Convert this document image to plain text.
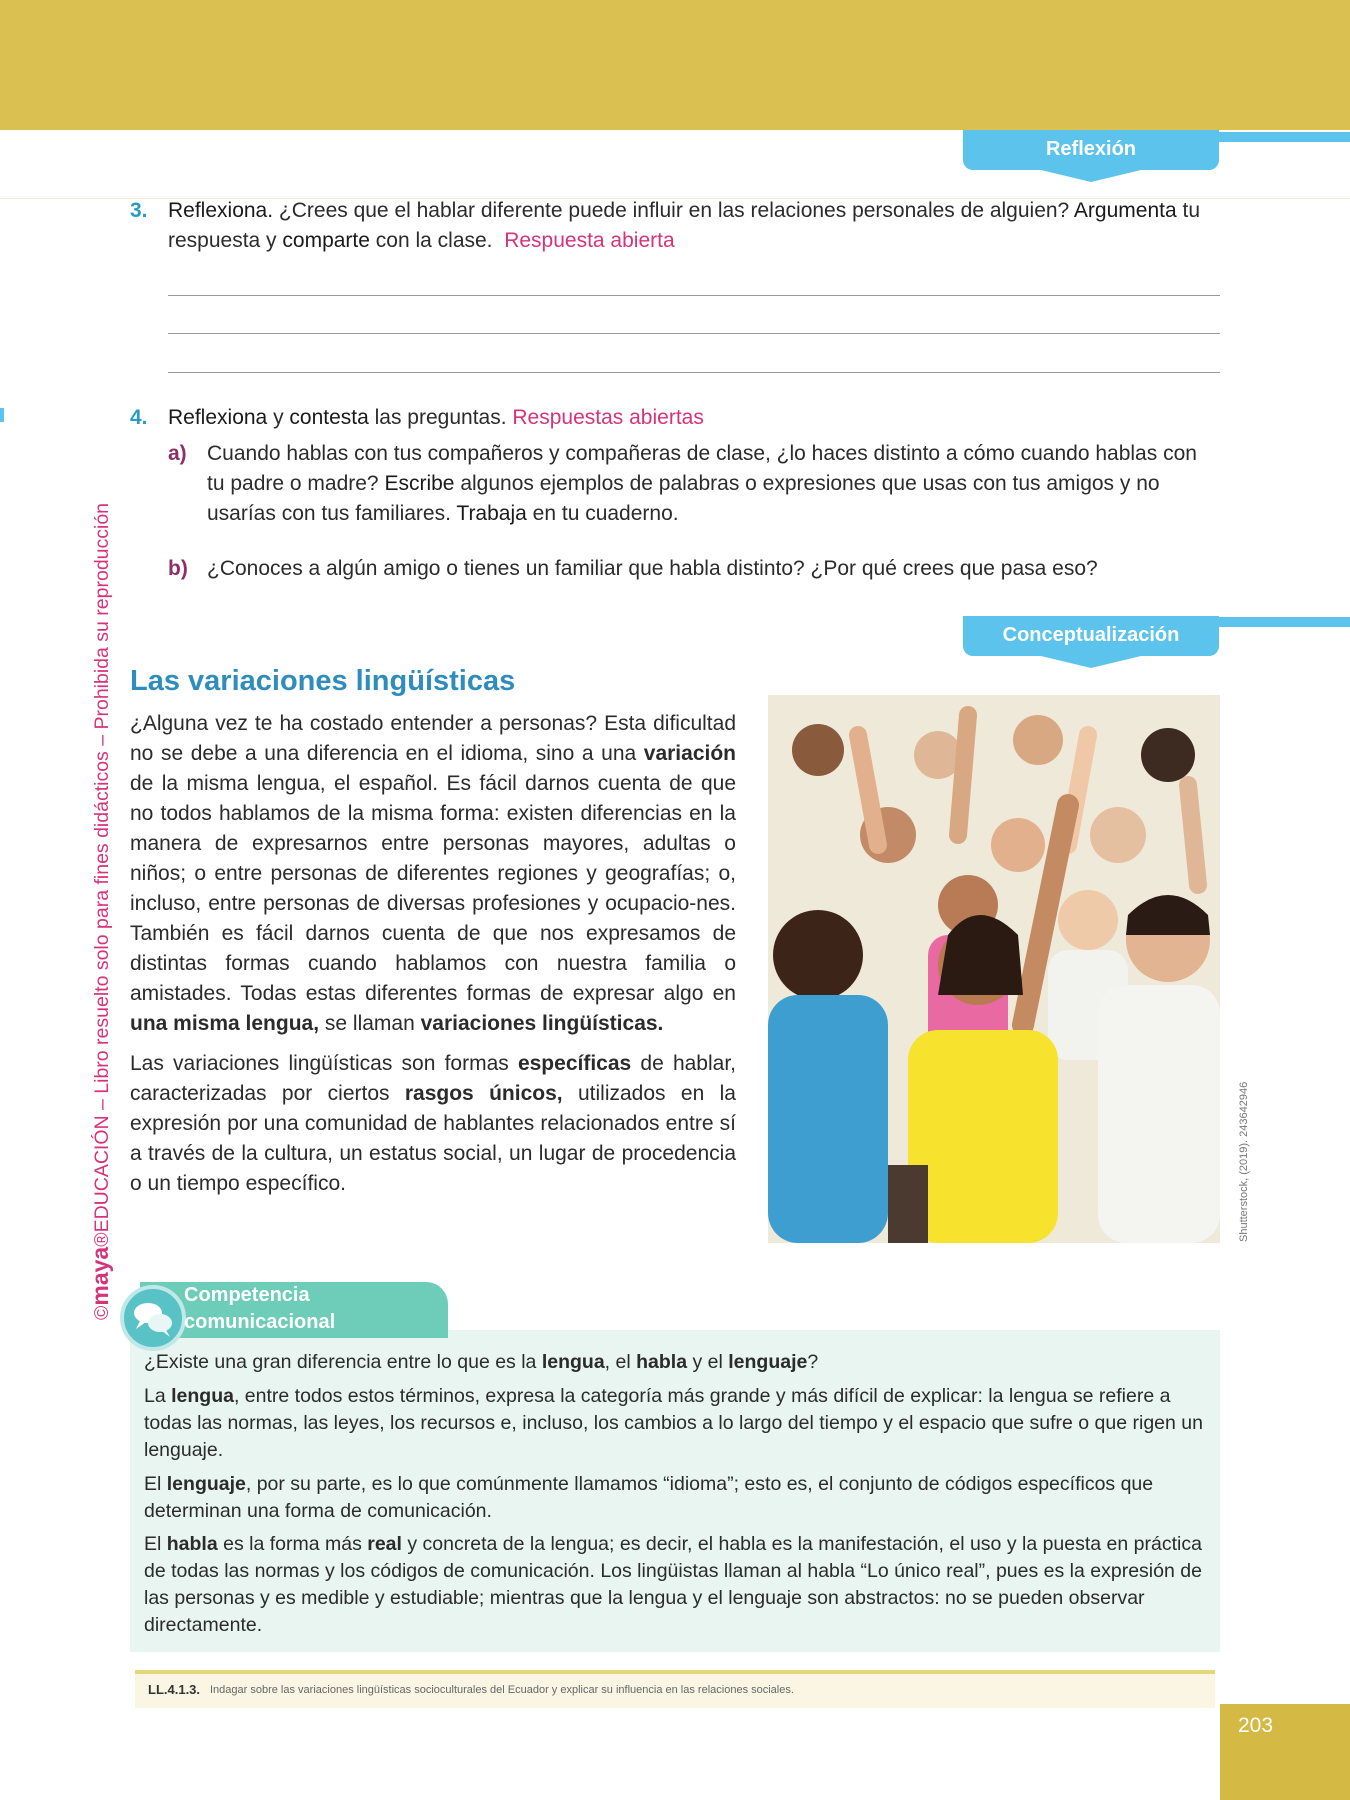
Reflexión
©maya®EDUCACIÓN – Libro resuelto solo para fines didácticos – Prohibida su reproducción
3. Reflexiona. ¿Crees que el hablar diferente puede influir en las relaciones personales de alguien? Argumenta tu respuesta y comparte con la clase. Respuesta abierta
4. Reflexiona y contesta las preguntas. Respuestas abiertas
a) Cuando hablas con tus compañeros y compañeras de clase, ¿lo haces distinto a cómo cuando hablas con tu padre o madre? Escribe algunos ejemplos de palabras o expresiones que usas con tus amigos y no usarías con tus familiares. Trabaja en tu cuaderno.
b) ¿Conoces a algún amigo o tienes un familiar que habla distinto? ¿Por qué crees que pasa eso?
Conceptualización
Las variaciones lingüísticas
¿Alguna vez te ha costado entender a personas? Esta dificultad no se debe a una diferencia en el idioma, sino a una variación de la misma lengua, el español. Es fácil darnos cuenta de que no todos hablamos de la misma forma: existen diferencias en la manera de expresarnos entre personas mayores, adultas o niños; o entre personas de diferentes regiones y geografías; o, incluso, entre personas de diversas profesiones y ocupacio-nes. También es fácil darnos cuenta de que nos expresamos de distintas formas cuando hablamos con nuestra familia o amistades. Todas estas diferentes formas de expresar algo en una misma lengua, se llaman variaciones lingüísticas.
Las variaciones lingüísticas son formas específicas de hablar, caracterizadas por ciertos rasgos únicos, utilizados en la expresión por una comunidad de hablantes relacionados entre sí a través de la cultura, un estatus social, un lugar de procedencia o un tiempo específico.	Shutterstock, (2019). 243642946
Competencia
comunicacional
¿Existe una gran diferencia entre lo que es la lengua, el habla y el lenguaje?
La lengua, entre todos estos términos, expresa la categoría más grande y más difícil de explicar: la lengua se refiere a todas las normas, las leyes, los recursos e, incluso, los cambios a lo largo del tiempo y el espacio que sufre o que rigen un lenguaje.
El lenguaje, por su parte, es lo que comúnmente llamamos “idioma”; esto es, el conjunto de códigos específicos que determinan una forma de comunicación.
El habla es la forma más real y concreta de la lengua; es decir, el habla es la manifestación, el uso y la puesta en práctica de todas las normas y los códigos de comunicación. Los lingüistas llaman al habla “Lo único real”, pues es la expresión de las personas y es medible y estudiable; mientras que la lengua y el lenguaje son abstractos: no se pueden observar directamente.
LL.4.1.3. Indagar sobre las variaciones lingüísticas socioculturales del Ecuador y explicar su influencia en las relaciones sociales.
203
